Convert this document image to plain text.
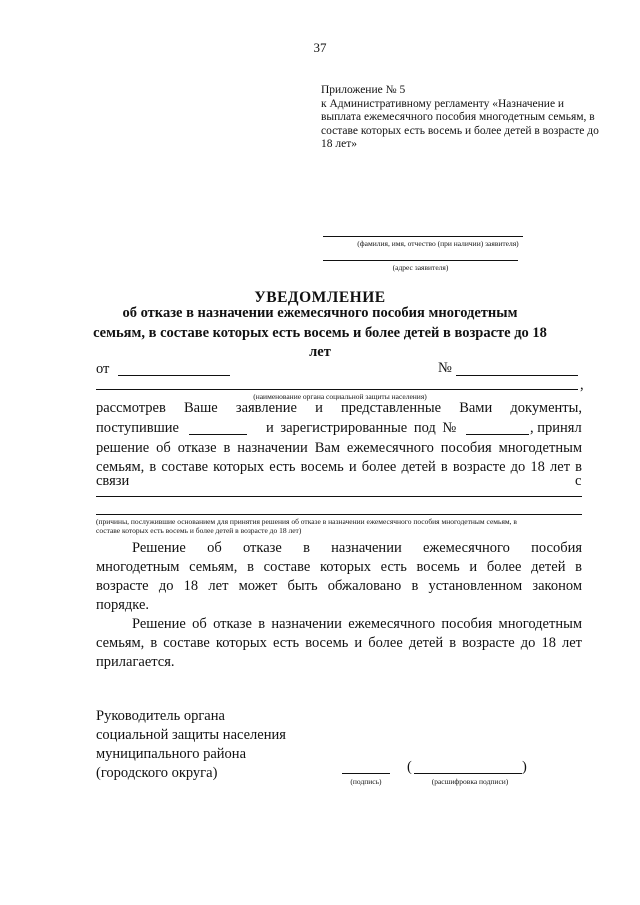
37
Приложение № 5
к Административному регламенту «Назначение и
выплата ежемесячного пособия многодетным семьям, в
составе которых есть восемь и более детей в возрасте до
18 лет»
(фамилия, имя, отчество (при наличии) заявителя)
(адрес заявителя)
УВЕДОМЛЕНИЕ
об отказе в назначении ежемесячного пособия многодетным
семьям, в составе которых есть восемь и более детей в возрасте до 18
лет
от	№
,
(наименование органа социальной защиты населения)
рассмотрев Ваше заявление и представленные Вами документы,
поступившие	и зарегистрированные под №	, принял
решение об отказе в назначении Вам ежемесячного пособия многодетным
семьям, в составе которых есть восемь и более детей в возрасте до 18 лет в
связи	с
(причины, послужившие основанием для принятия решения об отказе в назначении ежемесячного пособия многодетным семьям, в
составе которых есть восемь и более детей в возрасте до 18 лет)
Решение об отказе в назначении ежемесячного пособия
многодетным семьям, в составе которых есть восемь и более детей в
возрасте до 18 лет может быть обжаловано в установленном законом
порядке.
Решение об отказе в назначении ежемесячного пособия многодетным
семьям, в составе которых есть восемь и более детей в возрасте до 18 лет
прилагается.
Руководитель органа
социальной защиты населения
муниципального района
(городского округа)
(подпись)
(	)
(расшифровка подписи)
